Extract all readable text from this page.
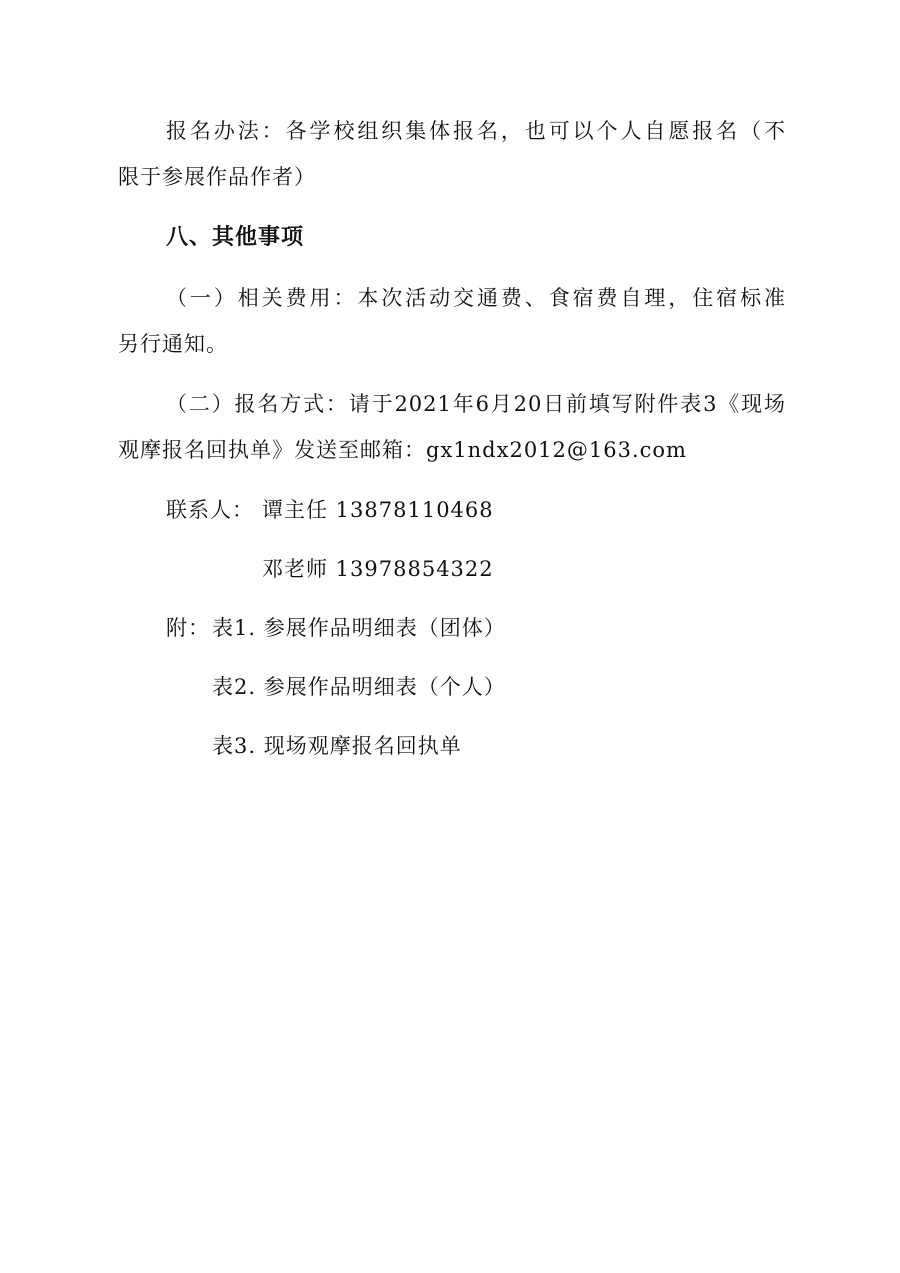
报名办法：各学校组织集体报名，也可以个人自愿报名（不
限于参展作品作者）
八、其他事项
（一）相关费用：本次活动交通费、食宿费自理，住宿标准
另行通知。
（二）报名方式：请于2021年6月20日前填写附件表3《现场
观摩报名回执单》发送至邮箱：gx1ndx2012@163.com
联系人： 谭主任 13878110468
邓老师 13978854322
附： 表1. 参展作品明细表（团体）
表2. 参展作品明细表（个人）
表3. 现场观摩报名回执单
